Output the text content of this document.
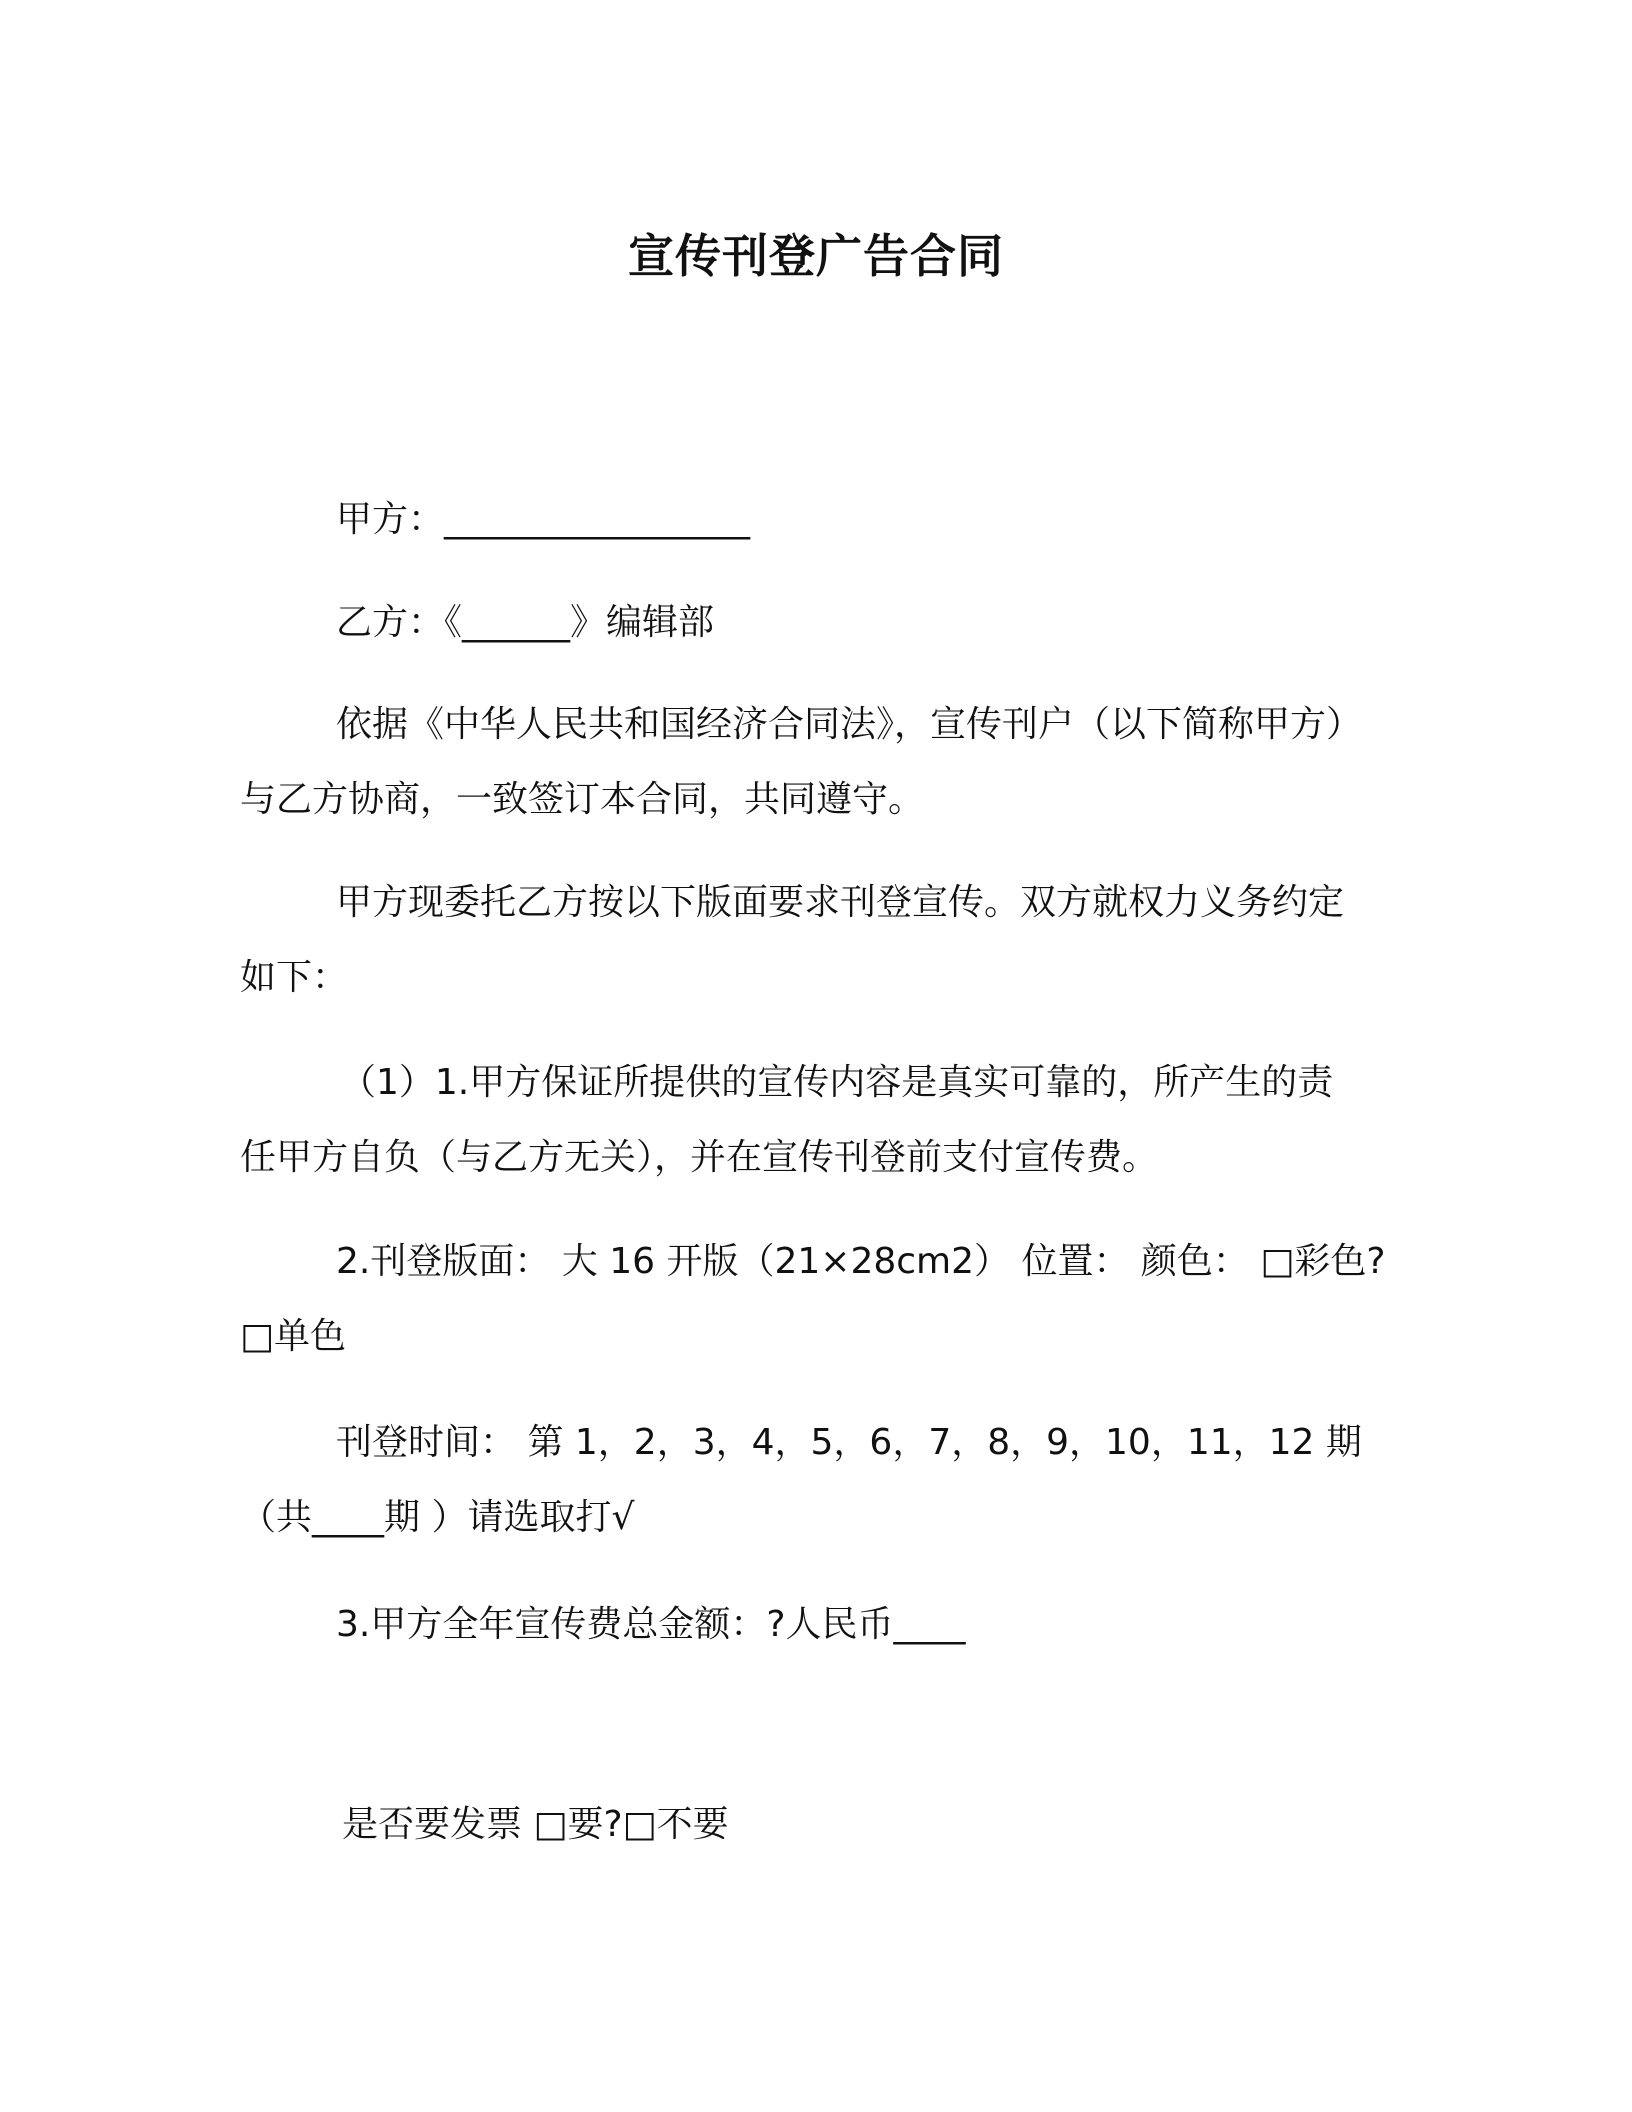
宣传刊登广告合同
甲方：_________________
乙方：《______》编辑部
依据《中华人民共和国经济合同法》，宣传刊户（以下简称甲方）
与乙方协商，一致签订本合同，共同遵守。
甲方现委托乙方按以下版面要求刊登宣传。双方就权力义务约定
如下：
（1）1.甲方保证所提供的宣传内容是真实可靠的，所产生的责
任甲方自负（与乙方无关），并在宣传刊登前支付宣传费。
2.刊登版面： 大 16 开版（21×28cm2） 位置： 颜色： □彩色?
□单色
刊登时间： 第 1，2，3，4，5，6，7，8，9，10，11，12 期
（共____期 ）请选取打√
3.甲方全年宣传费总金额：?人民币____
是否要发票 □要?□不要
